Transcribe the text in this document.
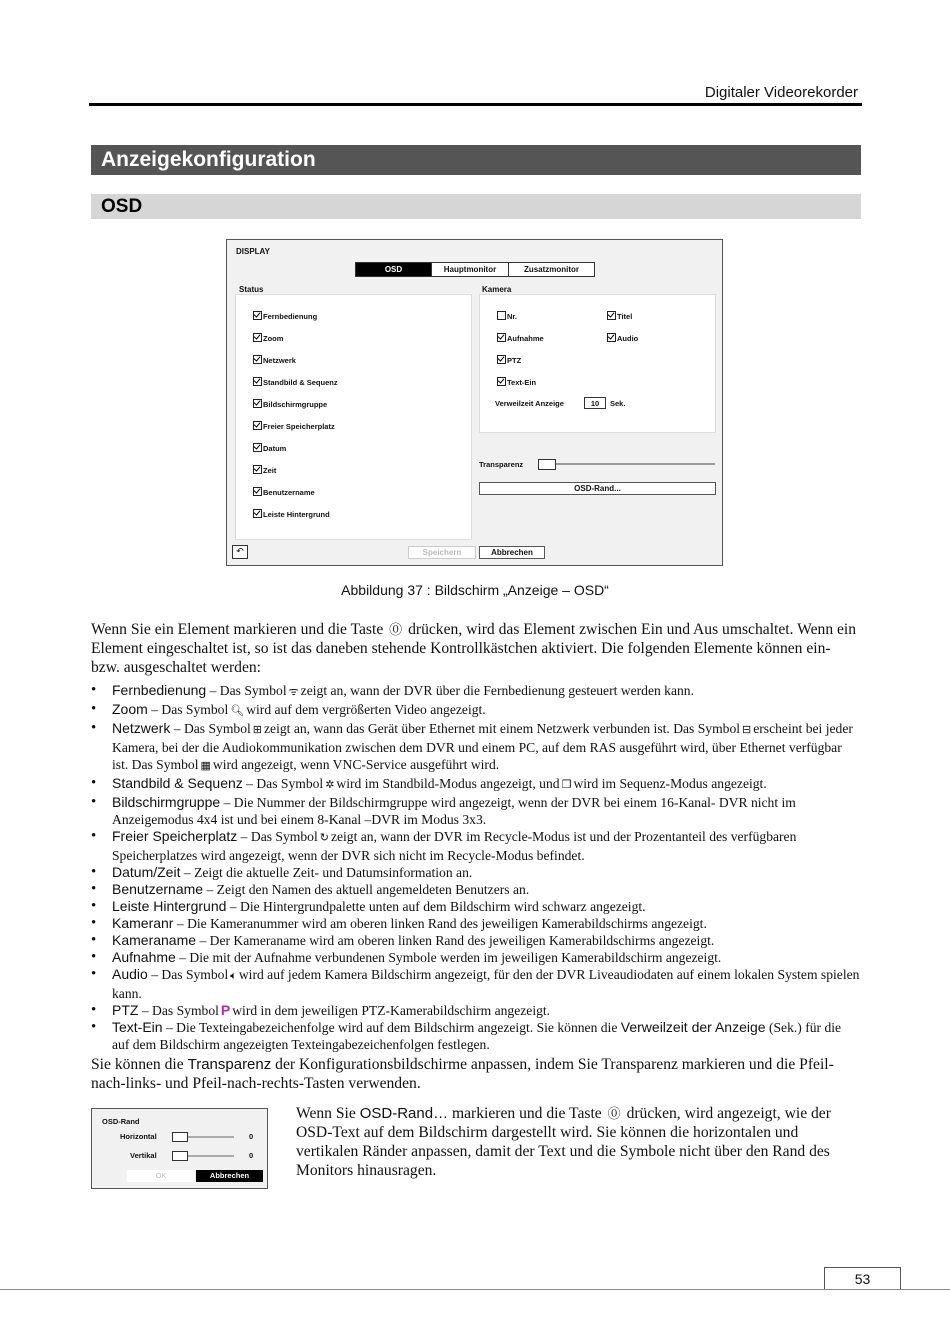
Digitaler Videorekorder
Anzeigekonfiguration
OSD
DISPLAY
OSD	Hauptmonitor	Zusatzmonitor
Status
Fernbedienung
Zoom
Netzwerk
Standbild & Sequenz
Bildschirmgruppe
Freier Speicherplatz
Datum
Zeit
Benutzername
Leiste Hintergrund
Kamera
Nr.	Titel
Aufnahme	Audio
PTZ
Text-Ein
Verweilzeit Anzeige	10	Sek.
Transparenz
OSD-Rand...
↶	Speichern	Abbrechen
Abbildung 37 : Bildschirm „Anzeige – OSD“
Wenn Sie ein Element markieren und die Taste ⓪ drücken, wird das Element zwischen Ein und Aus umschaltet. Wenn ein Element eingeschaltet ist, so ist das daneben stehende Kontrollkästchen aktiviert. Die folgenden Elemente können ein- bzw. ausgeschaltet werden:
• Fernbedienung – Das Symbol ᯤ zeigt an, wann der DVR über die Fernbedienung gesteuert werden kann.
• Zoom – Das Symbol 🔍︎ wird auf dem vergrößerten Video angezeigt.
• Netzwerk – Das Symbol ⊞ zeigt an, wann das Gerät über Ethernet mit einem Netzwerk verbunden ist. Das Symbol ⊟ erscheint bei jeder Kamera, bei der die Audiokommunikation zwischen dem DVR und einem PC, auf dem RAS ausgeführt wird, über Ethernet verfügbar ist. Das Symbol ▦ wird angezeigt, wenn VNC-Service ausgeführt wird.
• Standbild & Sequenz – Das Symbol ✲ wird im Standbild-Modus angezeigt, und ❐ wird im Sequenz-Modus angezeigt.
• Bildschirmgruppe – Die Nummer der Bildschirmgruppe wird angezeigt, wenn der DVR bei einem 16-Kanal- DVR nicht im Anzeigemodus 4x4 ist und bei einem 8-Kanal –DVR im Modus 3x3.
• Freier Speicherplatz – Das Symbol ↻ zeigt an, wann der DVR im Recycle-Modus ist und der Prozentanteil des verfügbaren Speicherplatzes wird angezeigt, wenn der DVR sich nicht im Recycle-Modus befindet.
• Datum/Zeit – Zeigt die aktuelle Zeit- und Datumsinformation an.
• Benutzername – Zeigt den Namen des aktuell angemeldeten Benutzers an.
• Leiste Hintergrund – Die Hintergrundpalette unten auf dem Bildschirm wird schwarz angezeigt.
• Kameranr – Die Kameranummer wird am oberen linken Rand des jeweiligen Kamerabildschirms angezeigt.
• Kameraname – Der Kameraname wird am oberen linken Rand des jeweiligen Kamerabildschirms angezeigt.
• Aufnahme – Die mit der Aufnahme verbundenen Symbole werden im jeweiligen Kamerabildschirm angezeigt.
• Audio – Das Symbol 🔈︎ wird auf jedem Kamera Bildschirm angezeigt, für den der DVR Liveaudiodaten auf einem lokalen System spielen kann.
• PTZ – Das Symbol P wird in dem jeweiligen PTZ-Kamerabildschirm angezeigt.
• Text-Ein – Die Texteingabezeichenfolge wird auf dem Bildschirm angezeigt. Sie können die Verweilzeit der Anzeige (Sek.) für die auf dem Bildschirm angezeigten Texteingabezeichenfolgen festlegen.
Sie können die Transparenz der Konfigurationsbildschirme anpassen, indem Sie Transparenz markieren und die Pfeil-nach-links- und Pfeil-nach-rechts-Tasten verwenden.
OSD-Rand
Horizontal	0
Vertikal	0
OK	Abbrechen
Wenn Sie OSD-Rand… markieren und die Taste ⓪ drücken, wird angezeigt, wie der OSD-Text auf dem Bildschirm dargestellt wird. Sie können die horizontalen und vertikalen Ränder anpassen, damit der Text und die Symbole nicht über den Rand des Monitors hinausragen.
53
